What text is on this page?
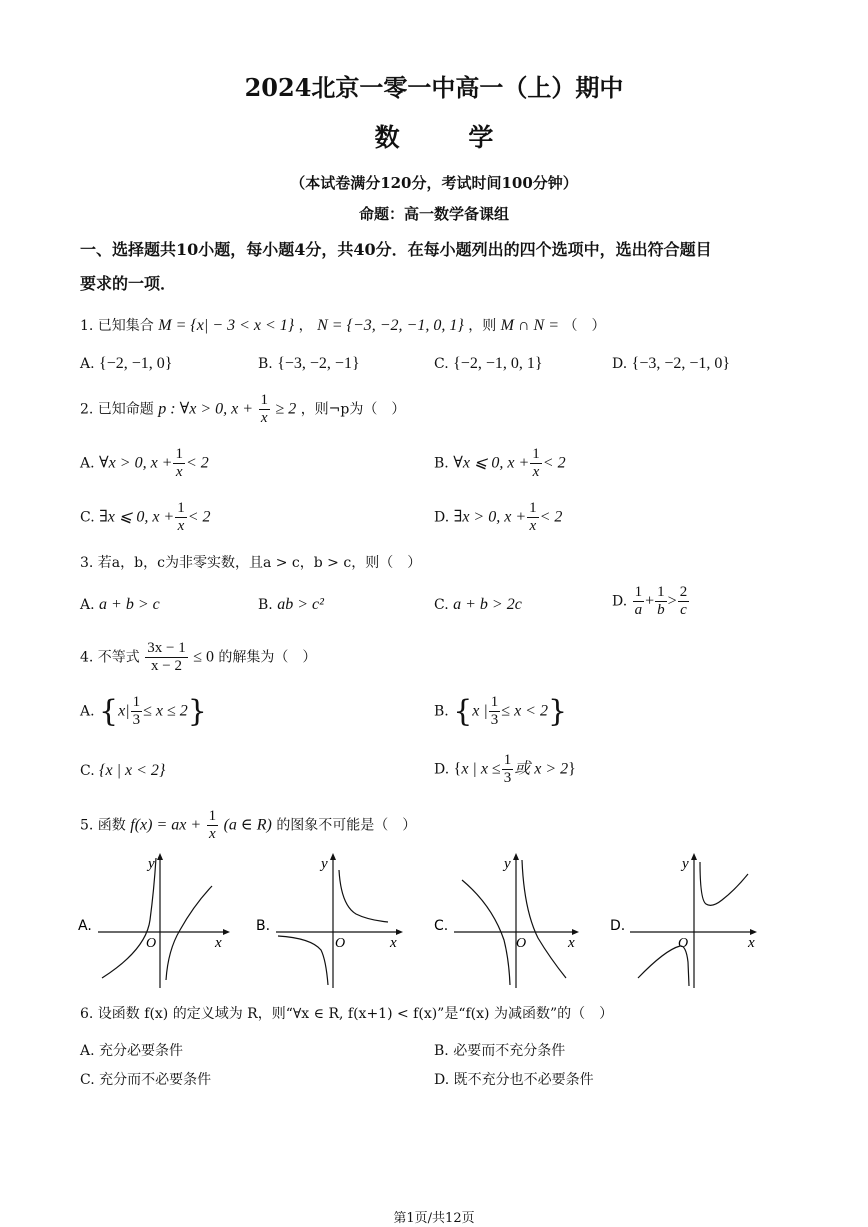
2024北京一零一中高一（上）期中
数 学
（本试卷满分120分，考试时间100分钟）
命题：高一数学备课组
一、选择题共10小题，每小题4分，共40分．在每小题列出的四个选项中，选出符合题目
要求的一项．
1. 已知集合 M = {x| − 3 < x < 1} ， N = {−3, −2, −1, 0, 1} ，则 M ∩ N = （　）
A. {−2, −1, 0}	B. {−3, −2, −1}	C. {−2, −1, 0, 1}	D. {−3, −2, −1, 0}
2. 已知命题 p : ∀x > 0, $x + \frac{1}{x} \ge 2$ ，则¬p为（　）
A. ∀x > 0, $x + \frac{1}{x} < 2$	B. ∀x ⩽ 0, $x + \frac{1}{x} < 2$
C. ∃x ⩽ 0, $x + \frac{1}{x} < 2$	D. ∃x > 0, $x + \frac{1}{x} < 2$
3. 若a，b，c为非零实数，且a > c，b > c，则（　）
A. a + b > c	B. ab > c²	C. a + b > 2c	D. $\frac{1}{a} + \frac{1}{b} > \frac{2}{c}$
4. 不等式 $\frac{3x - 1}{x - 2} \le 0$ 的解集为（　）
A. $\{x| \frac{1}{3} \le x \le 2\}$	B. {x | $\frac{1}{3} \le x < 2$}
C. {x | x < 2}	D. {x | $x \le \frac{1}{3}$ 或 x > 2}
5. 函数 f(x) = ax + $\frac{1}{x} (a$ ∈ R) 的图象不可能是（　）
A.
y
x
O
B.
y
x
O
C.
y
x
O
D.
y
x
O
6. 设函数 f(x) 的定义域为 R，则“∀x ∈ R, f(x+1) < f(x)”是“f(x) 为减函数”的（　）
A. 充分必要条件	B. 必要而不充分条件
C. 充分而不必要条件	D. 既不充分也不必要条件
第1页/共12页
